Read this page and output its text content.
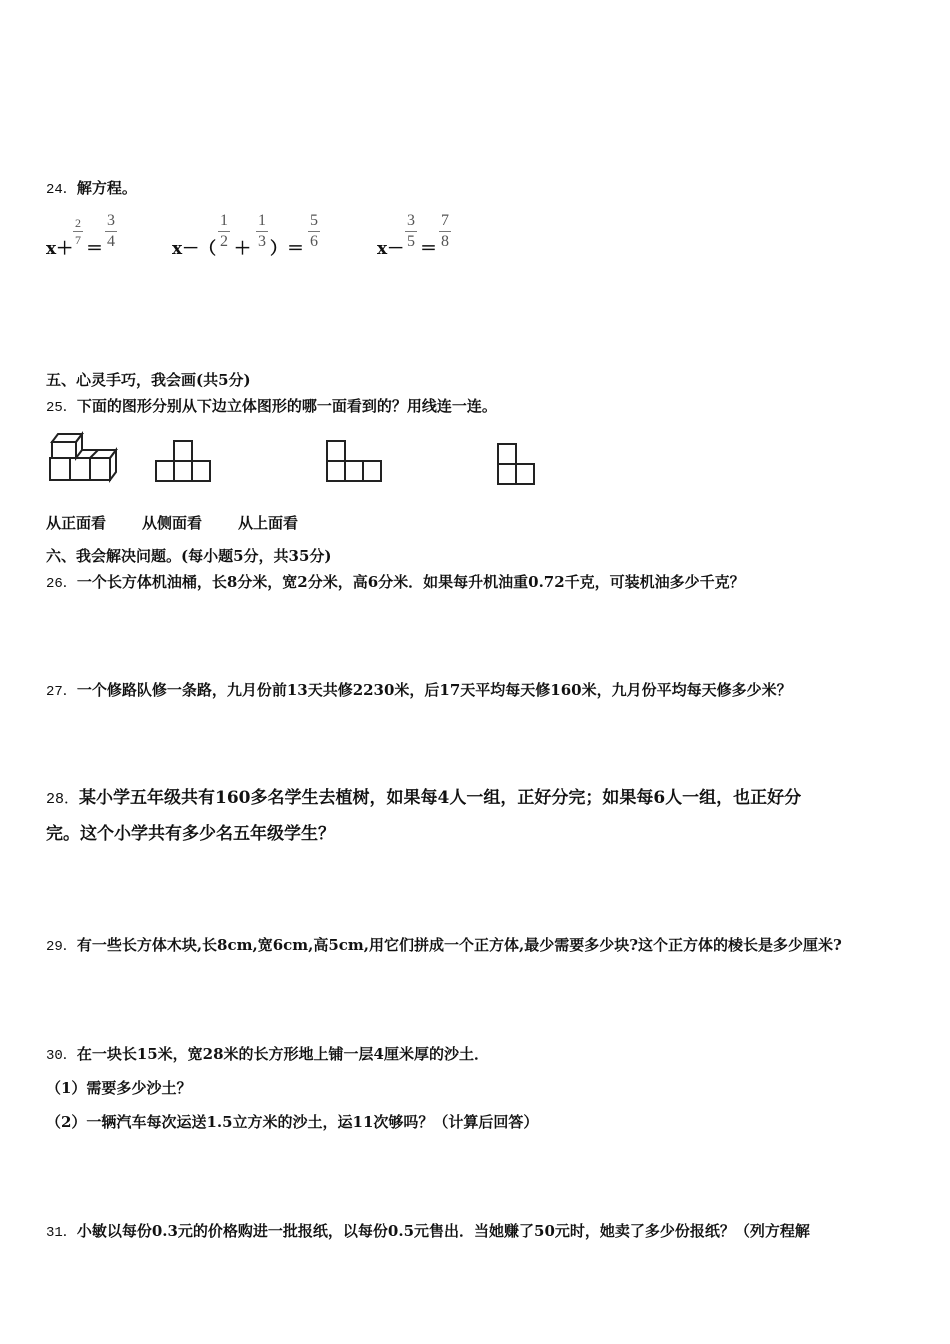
24．解方程。
x＋
2
7 ＝
3
4	x－（
1
2 ＋
1
3 ）＝
5
6	x－
3
5 ＝
7
8
五、心灵手巧，我会画(共5分)
25．下面的图形分别从下边立体图形的哪一面看到的？用线连一连。
从正面看 从侧面看 从上面看
六、我会解决问题。(每小题5分，共35分)
26．一个长方体机油桶，长8分米，宽2分米，高6分米．如果每升机油重0.72千克，可装机油多少千克？
27．一个修路队修一条路，九月份前13天共修2230米，后17天平均每天修160米，九月份平均每天修多少米？
28．某小学五年级共有160多名学生去植树，如果每4人一组，正好分完；如果每6人一组，也正好分
完。这个小学共有多少名五年级学生？
29．有一些长方体木块,长8cm,宽6cm,高5cm,用它们拼成一个正方体,最少需要多少块?这个正方体的棱长是多少厘米?
30．在一块长15米，宽28米的长方形地上铺一层4厘米厚的沙土．
（1）需要多少沙土？
（2）一辆汽车每次运送1.5立方米的沙土，运11次够吗？（计算后回答）
31．小敏以每份0.3元的价格购进一批报纸，以每份0.5元售出．当她赚了50元时，她卖了多少份报纸？（列方程解
